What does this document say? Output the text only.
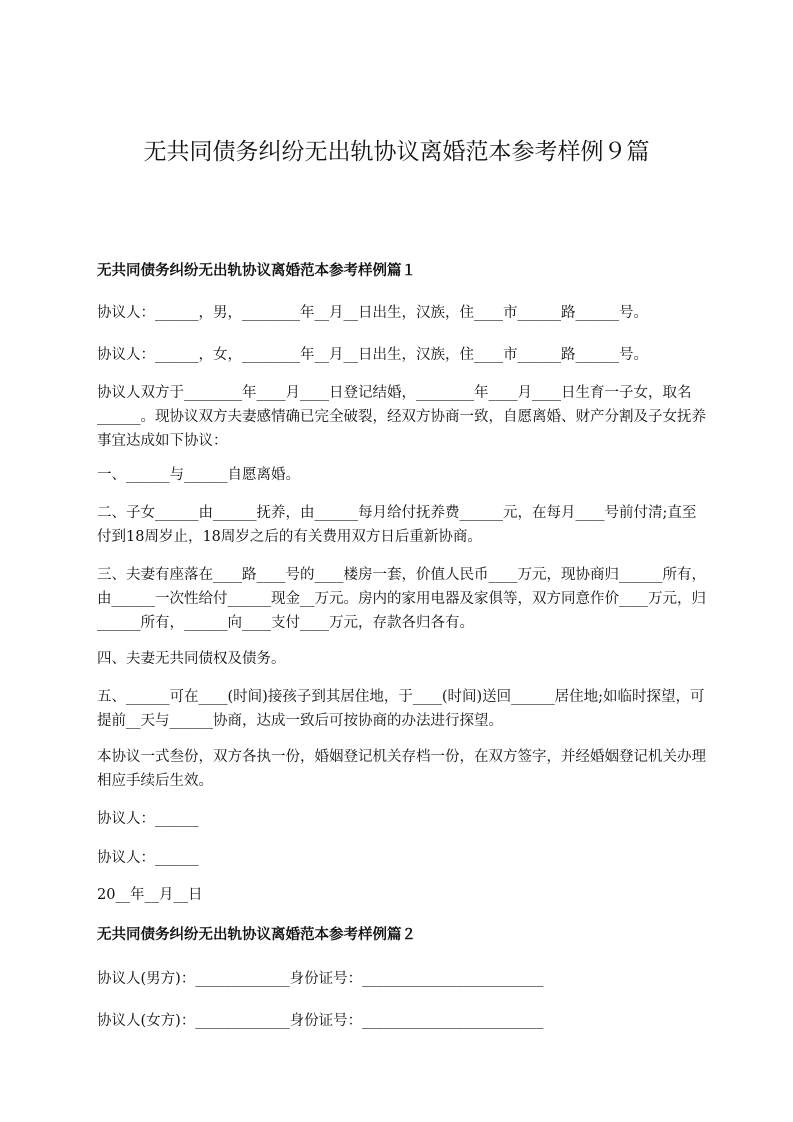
无共同债务纠纷无出轨协议离婚范本参考样例９篇
无共同债务纠纷无出轨协议离婚范本参考样例篇１
协议人：______，男，________年__月__日出生，汉族，住____市______路______号。
协议人：______，女，________年__月__日出生，汉族，住____市______路______号。
协议人双方于________年____月____日登记结婚，________年____月____日生育一子女，取名______。现协议双方夫妻感情确已完全破裂，经双方协商一致，自愿离婚、财产分割及子女抚养事宜达成如下协议：
一、______与______自愿离婚。
二、子女______由______抚养，由______每月给付抚养费______元，在每月____号前付清;直至付到18周岁止，18周岁之后的有关费用双方日后重新协商。
三、夫妻有座落在____路____号的____楼房一套，价值人民币____万元，现协商归______所有，由______一次性给付______现金__万元。房内的家用电器及家俱等，双方同意作价____万元，归______所有，______向____支付____万元，存款各归各有。
四、夫妻无共同债权及债务。
五、______可在____(时间)接孩子到其居住地，于____(时间)送回______居住地;如临时探望，可提前__天与______协商，达成一致后可按协商的办法进行探望。
本协议一式叁份，双方各执一份，婚姻登记机关存档一份，在双方签字，并经婚姻登记机关办理相应手续后生效。
协议人：______
协议人：______
20__年__月__日
无共同债务纠纷无出轨协议离婚范本参考样例篇２
协议人(男方)：_____________身份证号：_________________________
协议人(女方)：_____________身份证号：_________________________
